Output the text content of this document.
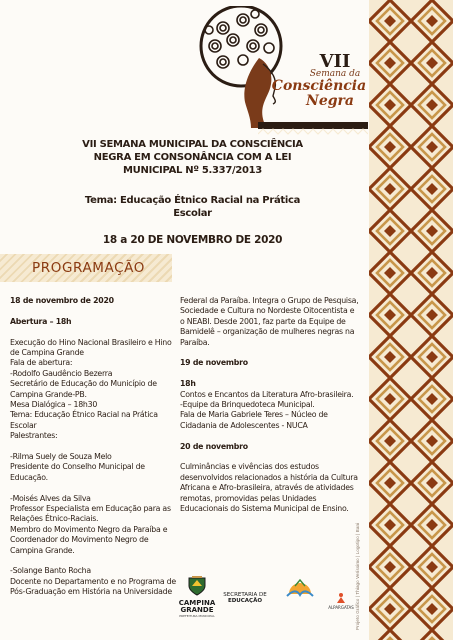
Projeto Gráfico | Thiago Veríssimo | Logotipo | Bani
VII
Semana da
Consciência
Negra
VII SEMANA MUNICIPAL DA CONSCIÊNCIA
NEGRA EM CONSONÂNCIA COM A LEI
MUNICIPAL Nº 5.337/2013
Tema: Educação Étnico Racial na Prática
Escolar
18 a 20 DE NOVEMBRO DE 2020
PROGRAMAÇÃO

18 de novembro de 2020

Abertura – 18h

Execução do Hino Nacional Brasileiro e Hino de Campina Grande
Fala de abertura:
-Rodolfo Gaudêncio Bezerra
Secretário de Educação do Município de Campina Grande-PB.
Mesa Dialógica – 18h30
Tema: Educação Étnico Racial na Prática Escolar
Palestrantes:

-Rilma Suely de Souza Melo
Presidente do Conselho Municipal de Educação.

-Moisés Alves da Silva
Professor Especialista em Educação para as Relações Étnico-Raciais.
Membro do Movimento Negro da Paraíba e Coordenador do Movimento Negro de Campina Grande.

-Solange Banto Rocha
Docente no Departamento e no Programa de Pós-Graduação em História na Universidade

Federal da Paraíba. Integra o Grupo de Pesquisa, Sociedade e Cultura no Nordeste Oitocentista e o NEABI. Desde 2001, faz parte da Equipe de Bamidelê – organização de mulheres negras na Paraíba.

19 de novembro

18h

Contos e Encantos da Literatura Afro-brasileira.
-Equipe da Brinquedoteca Municipal.
Fala de Maria Gabriele Teres – Núcleo de Cidadania de Adolescentes - NUCA

20 de novembro

Culminâncias e vivências dos estudos desenvolvidos relacionados a história da Cultura Africana e Afro-brasileira, através de atividades remotas, promovidas pelas Unidades Educacionais do Sistema Municipal de Ensino.

CAMPINA
GRANDE
PREFEITURA MUNICIPAL
SECRETARIA DE
EDUCAÇÃO
ALPARGATAS
